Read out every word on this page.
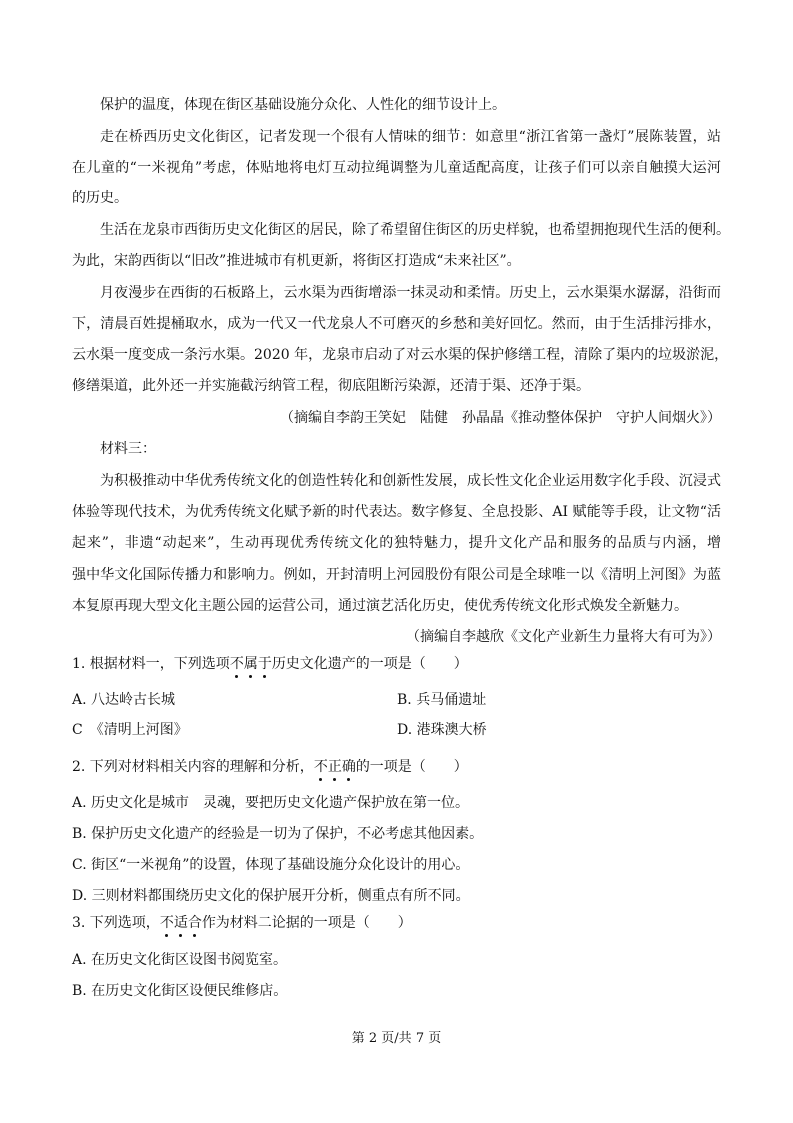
保护的温度，体现在街区基础设施分众化、人性化的细节设计上。
走在桥西历史文化街区，记者发现一个很有人情味的细节：如意里“浙江省第一盏灯”展陈装置，站
在儿童的“一米视角”考虑，体贴地将电灯互动拉绳调整为儿童适配高度，让孩子们可以亲自触摸大运河
的历史。
生活在龙泉市西街历史文化街区的居民，除了希望留住街区的历史样貌，也希望拥抱现代生活的便利。
为此，宋韵西街以“旧改”推进城市有机更新，将街区打造成“未来社区”。
月夜漫步在西街的石板路上，云水渠为西街增添一抹灵动和柔情。历史上，云水渠渠水潺潺，沿街而
下，清晨百姓提桶取水，成为一代又一代龙泉人不可磨灭的乡愁和美好回忆。然而，由于生活排污排水，
云水渠一度变成一条污水渠。2020 年，龙泉市启动了对云水渠的保护修缮工程，清除了渠内的垃圾淤泥，
修缮渠道，此外还一并实施截污纳管工程，彻底阻断污染源，还清于渠、还净于渠。
（摘编自李韵王笑妃　陆健　孙晶晶《推动整体保护　守护人间烟火》）
材料三：
为积极推动中华优秀传统文化的创造性转化和创新性发展，成长性文化企业运用数字化手段、沉浸式
体验等现代技术，为优秀传统文化赋予新的时代表达。数字修复、全息投影、AI 赋能等手段，让文物“活
起来”，非遗“动起来”，生动再现优秀传统文化的独特魅力，提升文化产品和服务的品质与内涵，增
强中华文化国际传播力和影响力。例如，开封清明上河园股份有限公司是全球唯一以《清明上河图》为蓝
本复原再现大型文化主题公园的运营公司，通过演艺活化历史，使优秀传统文化形式焕发全新魅力。
（摘编自李越欣《文化产业新生力量将大有可为》）
1. 根据材料一，下列选项不属于历史文化遗产的一项是（　　）
A. 八达岭古长城	B. 兵马俑遗址
C　《清明上河图》	D. 港珠澳大桥
2. 下列对材料相关内容的理解和分析，不正确的一项是（　　）
A. 历史文化是城市　灵魂，要把历史文化遗产保护放在第一位。
B. 保护历史文化遗产的经验是一切为了保护，不必考虑其他因素。
C. 街区“一米视角”的设置，体现了基础设施分众化设计的用心。
D. 三则材料都围绕历史文化的保护展开分析，侧重点有所不同。
3. 下列选项，不适合作为材料二论据的一项是（　　）
A. 在历史文化街区设图书阅览室。
B. 在历史文化街区设便民维修店。
第 2 页/共 7 页
